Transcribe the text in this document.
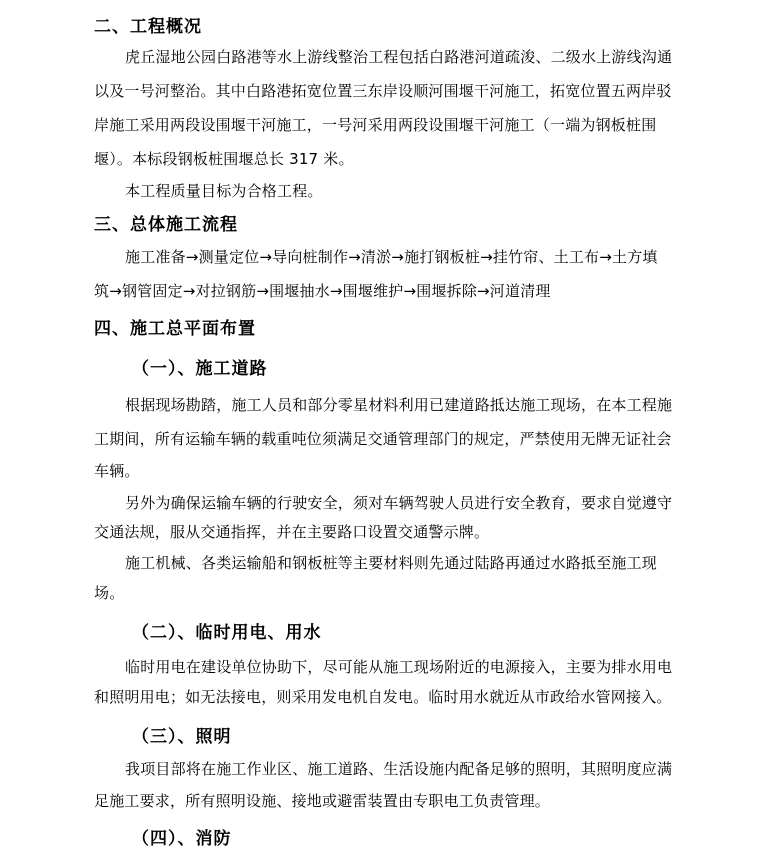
二、工程概况
虎丘湿地公园白路港等水上游线整治工程包括白路港河道疏浚、二级水上游线沟通
以及一号河整治。其中白路港拓宽位置三东岸设顺河围堰干河施工，拓宽位置五两岸驳
岸施工采用两段设围堰干河施工，一号河采用两段设围堰干河施工（一端为钢板桩围
堰）。本标段钢板桩围堰总长 317 米。
本工程质量目标为合格工程。
三、总体施工流程
施工准备→测量定位→导向桩制作→清淤→施打钢板桩→挂竹帘、土工布→土方填
筑→钢管固定→对拉钢筋→围堰抽水→围堰维护→围堰拆除→河道清理
四、施工总平面布置
（一）、施工道路
根据现场勘踏，施工人员和部分零星材料利用已建道路抵达施工现场，在本工程施
工期间，所有运输车辆的载重吨位须满足交通管理部门的规定，严禁使用无牌无证社会
车辆。
另外为确保运输车辆的行驶安全，须对车辆驾驶人员进行安全教育，要求自觉遵守
交通法规，服从交通指挥，并在主要路口设置交通警示牌。
施工机械、各类运输船和钢板桩等主要材料则先通过陆路再通过水路抵至施工现
场。
（二）、临时用电、用水
临时用电在建设单位协助下，尽可能从施工现场附近的电源接入，主要为排水用电
和照明用电；如无法接电，则采用发电机自发电。临时用水就近从市政给水管网接入。
（三）、照明
我项目部将在施工作业区、施工道路、生活设施内配备足够的照明，其照明度应满
足施工要求，所有照明设施、接地或避雷装置由专职电工负责管理。
（四）、消防
